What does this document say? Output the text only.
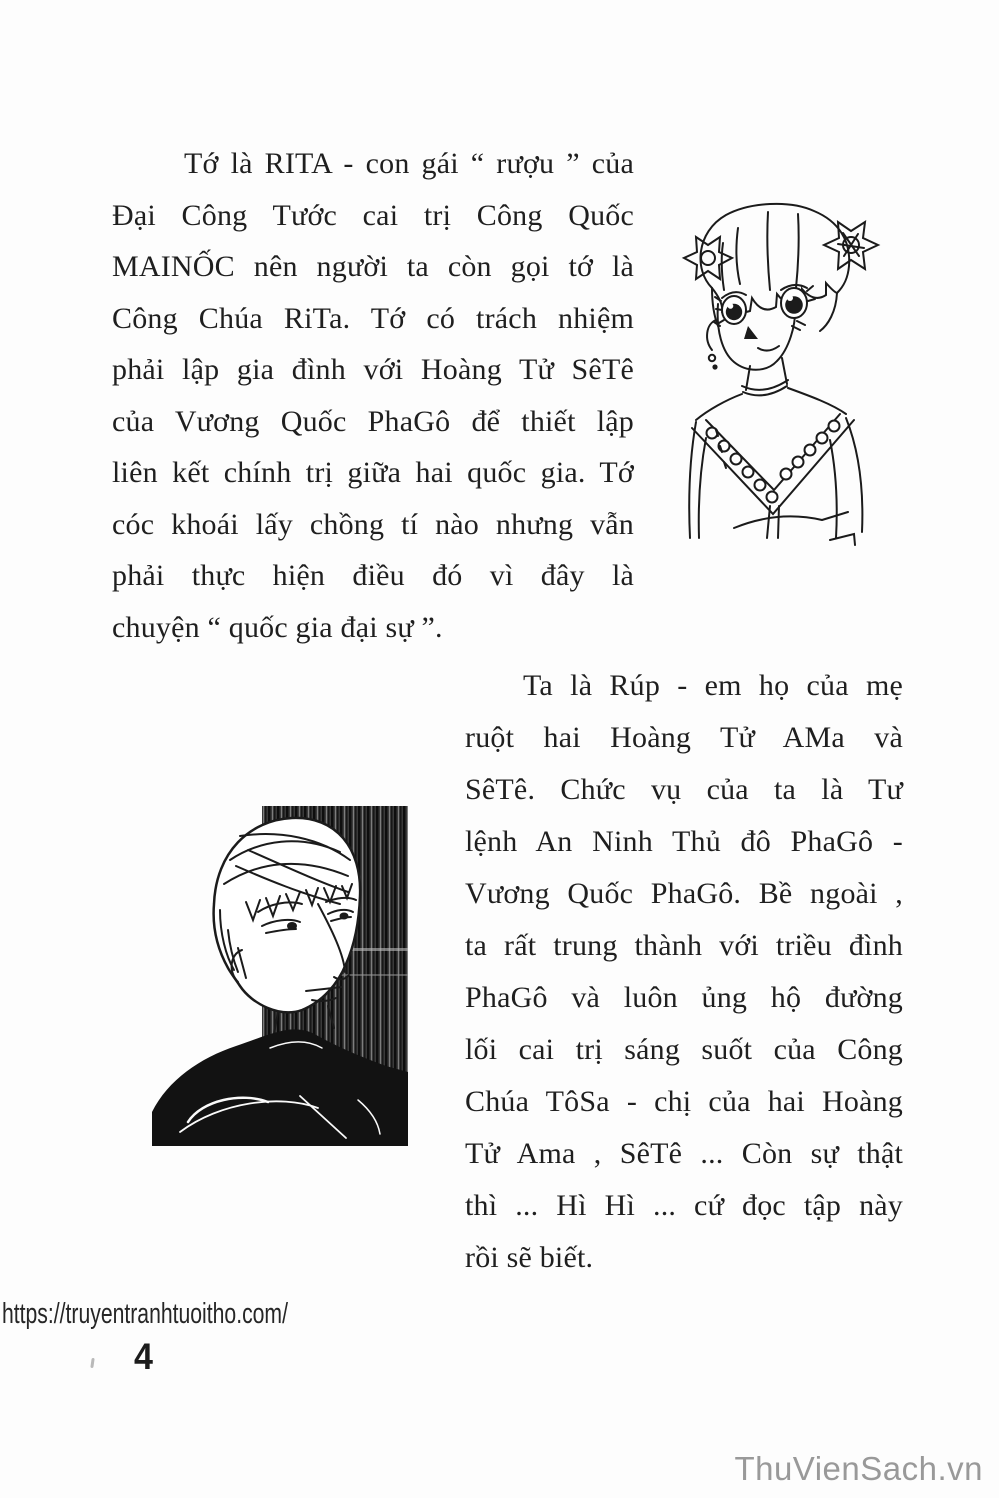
Tớ là RITA - con gái “ rượu ” của
Đại Công Tước cai trị Công Quốc
MAINỐC nên người ta còn gọi tớ là
Công Chúa RiTa. Tớ có trách nhiệm
phải lập gia đình với Hoàng Tử SêTê
của Vương Quốc PhaGô để thiết lập
liên kết chính trị giữa hai quốc gia. Tớ
cóc khoái lấy chồng tí nào nhưng vẫn
phải thực hiện điều đó vì đây là
chuyện “ quốc gia đại sự ”.
Ta là Rúp - em họ của mẹ
ruột hai Hoàng Tử AMa và
SêTê. Chức vụ của ta là Tư
lệnh An Ninh Thủ đô PhaGô -
Vương Quốc PhaGô. Bề ngoài ,
ta rất trung thành với triều đình
PhaGô và luôn ủng hộ đường
lối cai trị sáng suốt của Công
Chúa TôSa - chị của hai Hoàng
Tử Ama , SêTê ... Còn sự thật
thì ... Hì Hì ... cứ đọc tập này
rồi sẽ biết.
https://truyentranhtuoitho.com/
4
ThuVienSach.vn
